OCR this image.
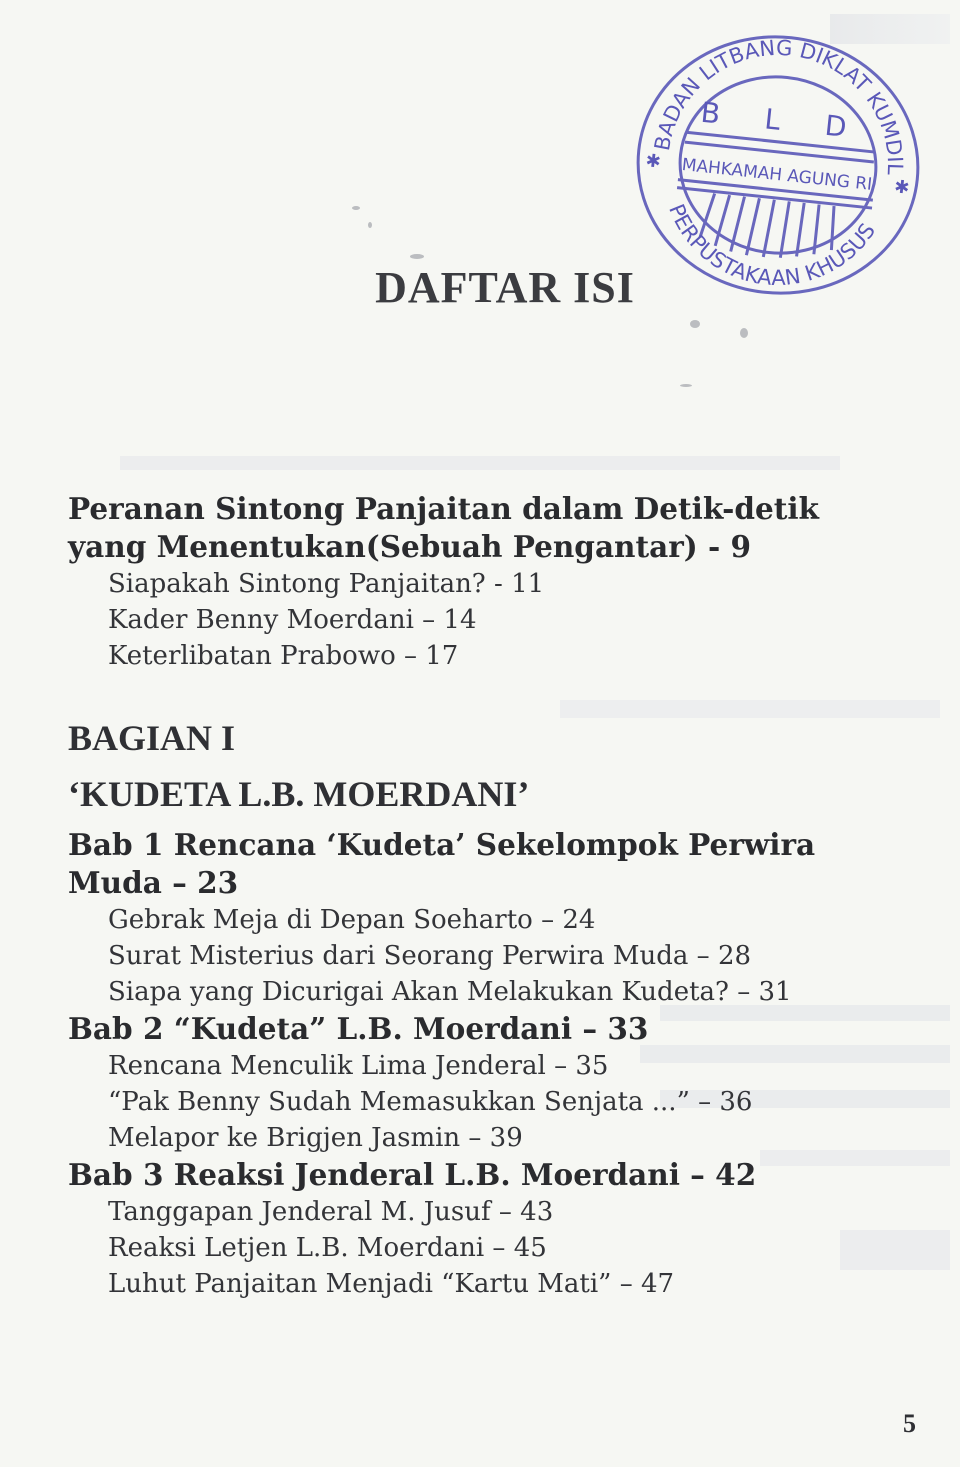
BADAN LITBANG DIKLAT KUMDIL
PERPUSTAKAAN KHUSUS
B L D
MAHKAMAH AGUNG RI
✱
✱
DAFTAR ISI
Peranan Sintong Panjaitan dalam Detik-detik
yang Menentukan(Sebuah Pengantar) - 9
Siapakah Sintong Panjaitan? - 11
Kader Benny Moerdani – 14
Keterlibatan Prabowo – 17
BAGIAN I
‘KUDETA L.B. MOERDANI’
Bab 1 Rencana ‘Kudeta’ Sekelompok Perwira
Muda – 23
Gebrak Meja di Depan Soeharto – 24
Surat Misterius dari Seorang Perwira Muda – 28
Siapa yang Dicurigai Akan Melakukan Kudeta? – 31
Bab 2 “Kudeta” L.B. Moerdani – 33
Rencana Menculik Lima Jenderal – 35
“Pak Benny Sudah Memasukkan Senjata ...” – 36
Melapor ke Brigjen Jasmin – 39
Bab 3 Reaksi Jenderal L.B. Moerdani – 42
Tanggapan Jenderal M. Jusuf – 43
Reaksi Letjen L.B. Moerdani – 45
Luhut Panjaitan Menjadi “Kartu Mati” – 47
5
